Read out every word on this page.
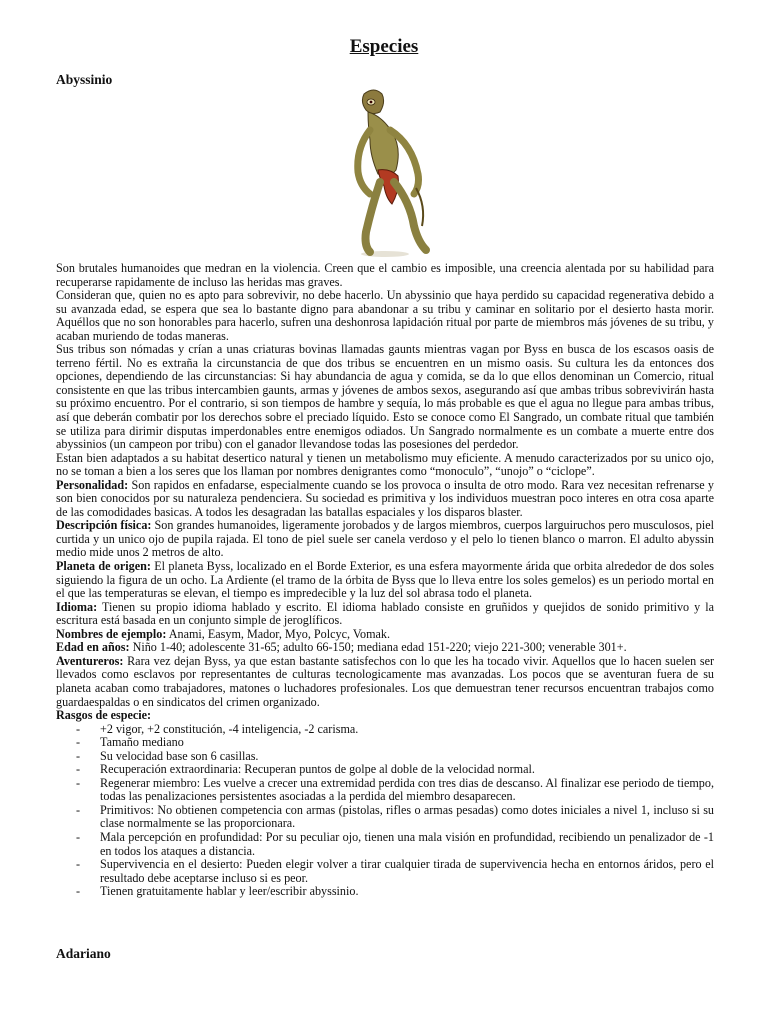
Especies
Abyssinio

Son brutales humanoides que medran en la violencia. Creen que el cambio es imposible, una creencia alentada por su habilidad para recuperarse rapidamente de incluso las heridas mas graves.

Consideran que, quien no es apto para sobrevivir, no debe hacerlo. Un abyssinio que haya perdido su capacidad regenerativa debido a su avanzada edad, se espera que sea lo bastante digno para abandonar a su tribu y caminar en solitario por el desierto hasta morir. Aquéllos que no son honorables para hacerlo, sufren una deshonrosa lapidación ritual por parte de miembros más jóvenes de su tribu, y acaban muriendo de todas maneras.

Sus tribus son nómadas y crían a unas criaturas bovinas llamadas gaunts mientras vagan por Byss en busca de los escasos oasis de terreno fértil. No es extraña la circunstancia de que dos tribus se encuentren en un mismo oasis. Su cultura les da entonces dos opciones, dependiendo de las circunstancias: Si hay abundancia de agua y comida, se da lo que ellos denominan un Comercio, ritual consistente en que las tribus intercambien gaunts, armas y jóvenes de ambos sexos, asegurando así que ambas tribus sobrevivirán hasta su próximo encuentro. Por el contrario, si son tiempos de hambre y sequía, lo más probable es que el agua no llegue para ambas tribus, así que deberán combatir por los derechos sobre el preciado líquido. Esto se conoce como El Sangrado, un combate ritual que también se utiliza para dirimir disputas imperdonables entre enemigos odiados. Un Sangrado normalmente es un combate a muerte entre dos abyssinios (un campeon por tribu) con el ganador llevandose todas las posesiones del perdedor.

Estan bien adaptados a su habitat desertico natural y tienen un metabolismo muy eficiente. A menudo caracterizados por su unico ojo, no se toman a bien a los seres que los llaman por nombres denigrantes como “monoculo”, “unojo” o “ciclope”.

Personalidad: Son rapidos en enfadarse, especialmente cuando se los provoca o insulta de otro modo. Rara vez necesitan refrenarse y son bien conocidos por su naturaleza pendenciera. Su sociedad es primitiva y los individuos muestran poco interes en otra cosa aparte de las comodidades basicas. A todos les desagradan las batallas espaciales y los disparos blaster.

Descripción física: Son grandes humanoides, ligeramente jorobados y de largos miembros, cuerpos larguiruchos pero musculosos, piel curtida y un unico ojo de pupila rajada. El tono de piel suele ser canela verdoso y el pelo lo tienen blanco o marron. El adulto abyssin medio mide unos 2 metros de alto.

Planeta de origen: El planeta Byss, localizado en el Borde Exterior, es una esfera mayormente árida que orbita alrededor de dos soles siguiendo la figura de un ocho. La Ardiente (el tramo de la órbita de Byss que lo lleva entre los soles gemelos) es un periodo mortal en el que las temperaturas se elevan, el tiempo es impredecible y la luz del sol abrasa todo el planeta.

Idioma: Tienen su propio idioma hablado y escrito. El idioma hablado consiste en gruñidos y quejidos de sonido primitivo y la escritura está basada en un conjunto simple de jeroglíficos.

Nombres de ejemplo: Anami, Easym, Mador, Myo, Polcyc, Vomak.

Edad en años: Niño 1-40; adolescente 31-65; adulto 66-150; mediana edad 151-220; viejo 221-300; venerable 301+.

Aventureros: Rara vez dejan Byss, ya que estan bastante satisfechos con lo que les ha tocado vivir. Aquellos que lo hacen suelen ser llevados como esclavos por representantes de culturas tecnologicamente mas avanzadas. Los pocos que se aventuran fuera de su planeta acaban como trabajadores, matones o luchadores profesionales. Los que demuestran tener recursos encuentran trabajos como guardaespaldas o en sindicatos del crimen organizado.

Rasgos de especie:

- +2 vigor, +2 constitución, -4 inteligencia, -2 carisma.
- Tamaño mediano
- Su velocidad base son 6 casillas.
- Recuperación extraordinaria: Recuperan puntos de golpe al doble de la velocidad normal.
- Regenerar miembro: Les vuelve a crecer una extremidad perdida con tres dias de descanso. Al finalizar ese periodo de tiempo, todas las penalizaciones persistentes asociadas a la perdida del miembro desaparecen.
- Primitivos: No obtienen competencia con armas (pistolas, rifles o armas pesadas) como dotes iniciales a nivel 1, incluso si su clase normalmente se las proporcionara.
- Mala percepción en profundidad: Por su peculiar ojo, tienen una mala visión en profundidad, recibiendo un penalizador de -1 en todos los ataques a distancia.
- Supervivencia en el desierto: Pueden elegir volver a tirar cualquier tirada de supervivencia hecha en entornos áridos, pero el resultado debe aceptarse incluso si es peor.
- Tienen gratuitamente hablar y leer/escribir abyssinio.
Adariano
